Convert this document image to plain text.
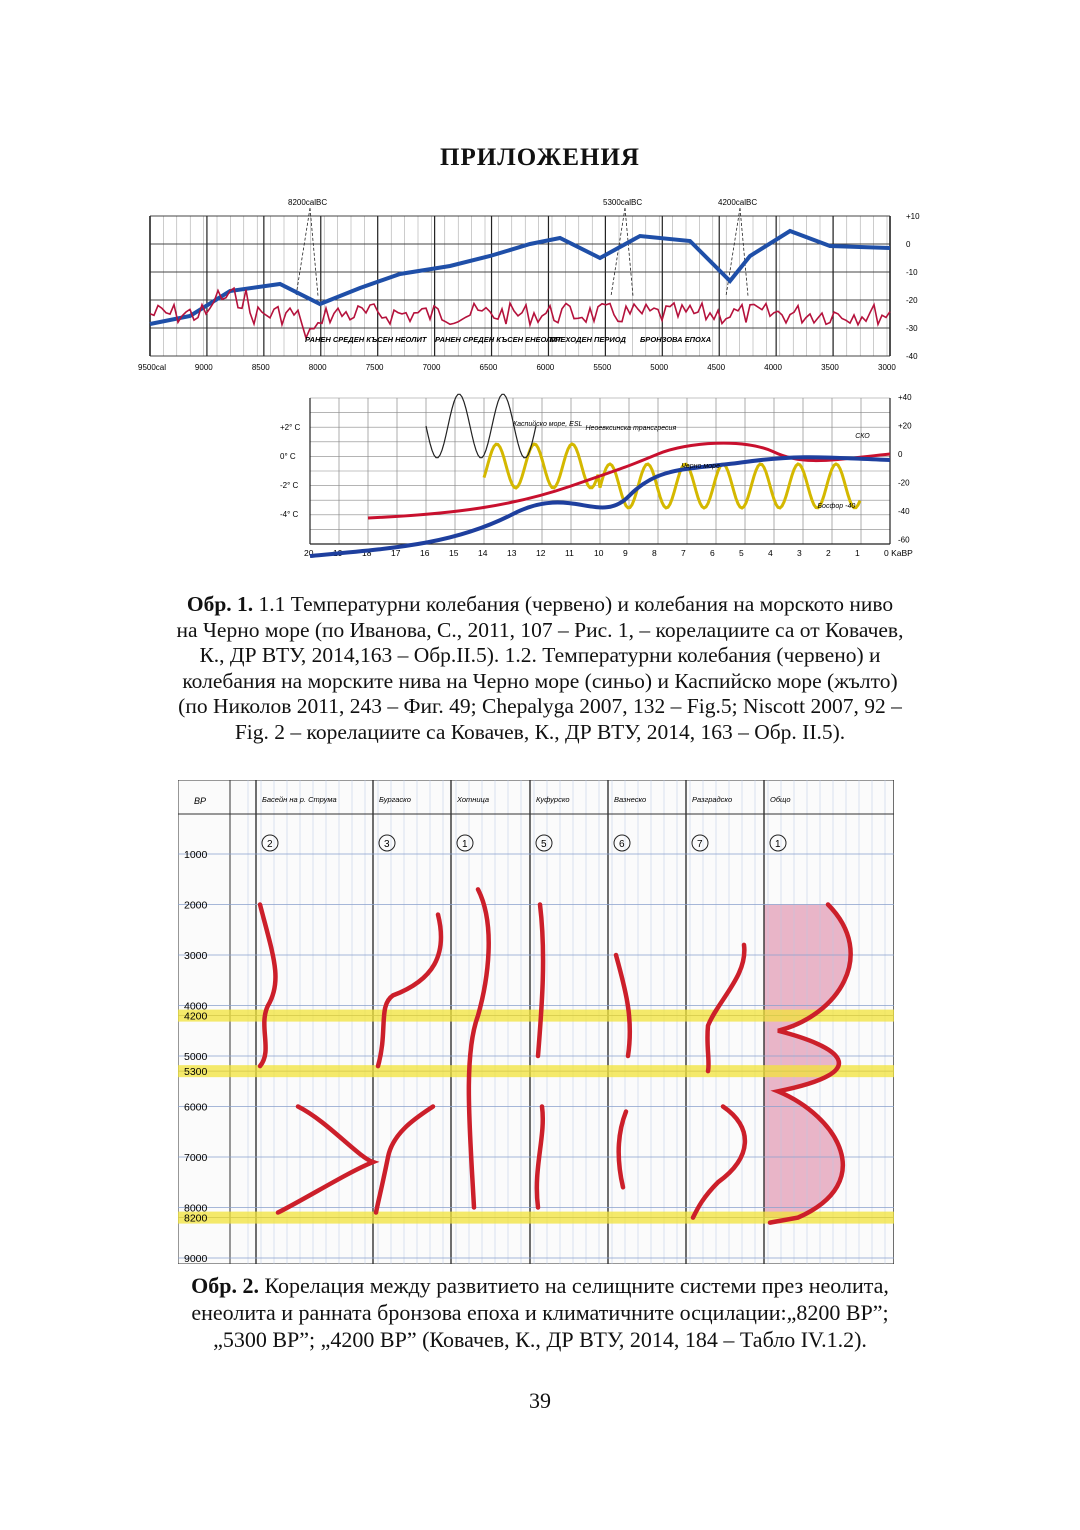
ПРИЛОЖЕНИЯ
+10
0
-10
-20
-30
-40
9500cal	9000	8500	8000	7500	7000	6500	6000	5500	5000	4500	4000	3500	3000
8200calBC	5300calBC	4200calBC
РАНЕН СРЕДЕН КЪСЕН НЕОЛИТ РАНЕН СРЕДЕН КЪСЕН ЕНЕОЛИТ
ПРЕХОДЕН ПЕРИОД БРОНЗОВА ЕПОХА
20 19 18 17 16 15 14 13 12 11 10 9	8	7	6	5	4	3	2	1	0 KaBP
+2° C
0° C
-2° C
-4° C
+40
+20
0
-20
-40
-60
Каспийско море, ESL
Неоевксинска трансгресия
СКО
Черно море
Босфор -40
Обр. 1. 1.1 Температурни колебания (червено) и колебания на морското ниво
на Черно море (по Иванова, С., 2011, 107 – Рис. 1, – корелациите са от Ковачев,
К., ДР ВТУ, 2014,163 – Обр.II.5). 1.2. Температурни колебания (червено) и
колебания на морските нива на Черно море (синьо) и Каспийско море (жълто)
(по Николов 2011, 243 – Фиг. 49; Chepalyga 2007, 132 – Fig.5; Niscott 2007, 92 –
Fig. 2 – корелациите са Ковачев, К., ДР ВТУ, 2014, 163 – Обр. II.5).
1000
2000
3000
4000
4200
5000
5300
6000
7000
8000
8200
9000
BP	Басейн на р. Струма	Бургаско	Хотница	Куфурско	Вазнеско	Разградско	Общо
2	3	1	5	6	7	1
Обр. 2. Корелация между развитието на селищните системи през неолита,
енеолита и ранната бронзова епоха и климатичните осцилации:„8200 BP”;
„5300 BP”; „4200 BP” (Ковачев, К., ДР ВТУ, 2014, 184 – Табло IV.1.2).
39
